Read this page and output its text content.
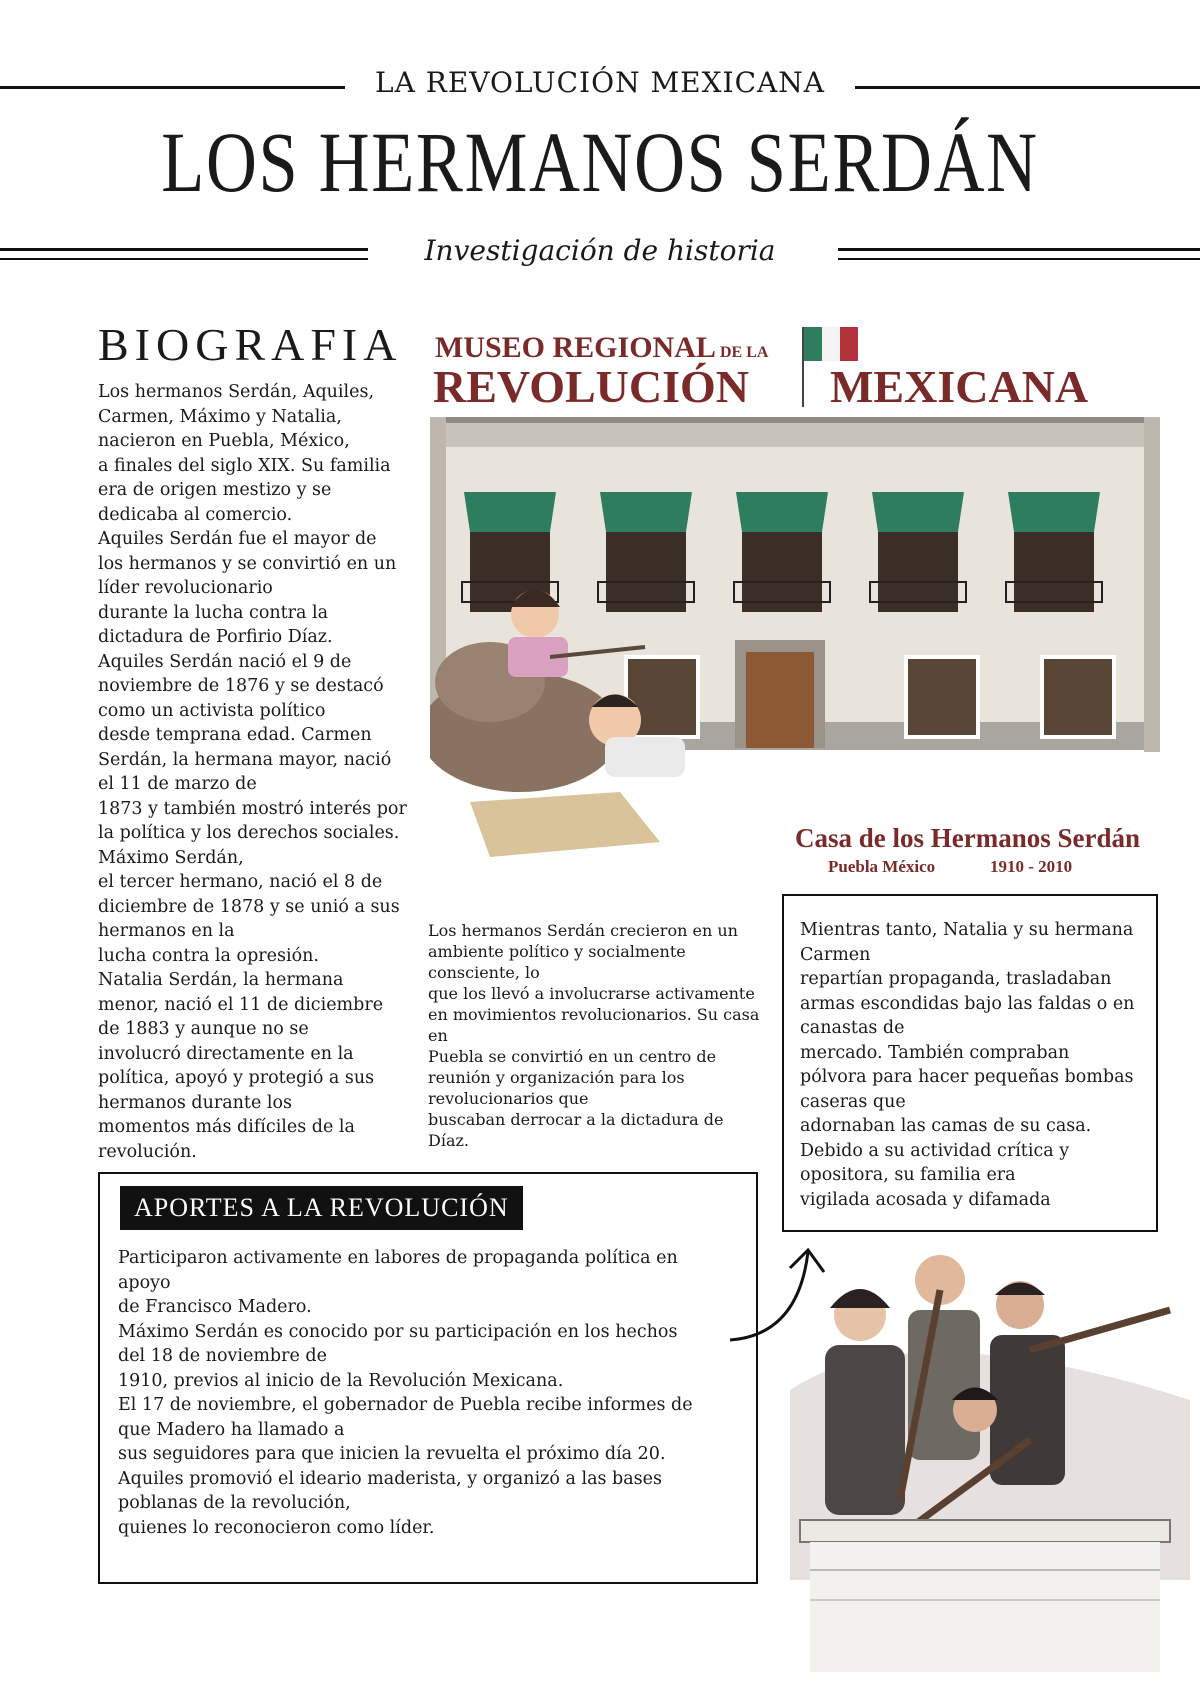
LA REVOLUCIÓN MEXICANA
LOS HERMANOS SERDÁN
Investigación de historia
BIOGRAFIA
Los hermanos Serdán, Aquiles,
Carmen, Máximo y Natalia,
nacieron en Puebla, México,
a finales del siglo XIX. Su familia
era de origen mestizo y se
dedicaba al comercio.
Aquiles Serdán fue el mayor de
los hermanos y se convirtió en un
líder revolucionario
durante la lucha contra la
dictadura de Porfirio Díaz.
Aquiles Serdán nació el 9 de
noviembre de 1876 y se destacó
como un activista político
desde temprana edad. Carmen
Serdán, la hermana mayor, nació
el 11 de marzo de
1873 y también mostró interés por
la política y los derechos sociales.
Máximo Serdán,
el tercer hermano, nació el 8 de
diciembre de 1878 y se unió a sus
hermanos en la
lucha contra la opresión.
Natalia Serdán, la hermana
menor, nació el 11 de diciembre
de 1883 y aunque no se
involucró directamente en la
política, apoyó y protegió a sus
hermanos durante los
momentos más difíciles de la
revolución.
MUSEO REGIONAL DE LA
REVOLUCIÓN MEXICANA
Casa de los Hermanos Serdán
Puebla México	1910 - 2010
Los hermanos Serdán crecieron en un
ambiente político y socialmente
consciente, lo
que los llevó a involucrarse activamente
en movimientos revolucionarios. Su casa
en
Puebla se convirtió en un centro de
reunión y organización para los
revolucionarios que
buscaban derrocar a la dictadura de
Díaz.
Mientras tanto, Natalia y su hermana
Carmen
repartían propaganda, trasladaban
armas escondidas bajo las faldas o en
canastas de
mercado. También compraban
pólvora para hacer pequeñas bombas
caseras que
adornaban las camas de su casa.
Debido a su actividad crítica y
opositora, su familia era
vigilada acosada y difamada
APORTES A LA REVOLUCIÓN
Participaron activamente en labores de propaganda política en
apoyo
de Francisco Madero.
Máximo Serdán es conocido por su participación en los hechos
del 18 de noviembre de
1910, previos al inicio de la Revolución Mexicana.
El 17 de noviembre, el gobernador de Puebla recibe informes de
que Madero ha llamado a
sus seguidores para que inicien la revuelta el próximo día 20.
Aquiles promovió el ideario maderista, y organizó a las bases
poblanas de la revolución,
quienes lo reconocieron como líder.
